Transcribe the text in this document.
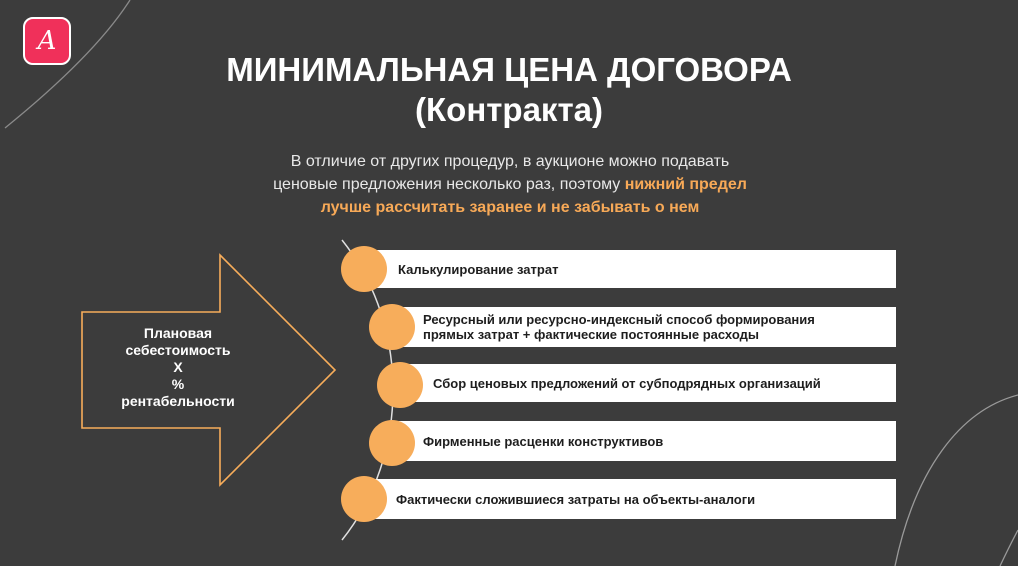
A
МИНИМАЛЬНАЯ ЦЕНА ДОГОВОРА
(Контракта)
В отличие от других процедур, в аукционе можно подавать
ценовые предложения несколько раз, поэтому нижний предел
лучше рассчитать заранее и не забывать о нем
Плановая
себестоимость
Х
%
рентабельности
Калькулирование затрат
Ресурсный или ресурсно-индексный способ формирования
прямых затрат + фактические постоянные расходы
Сбор ценовых предложений от субподрядных организаций
Фирменные расценки конструктивов
Фактически сложившиеся затраты на объекты-аналоги
